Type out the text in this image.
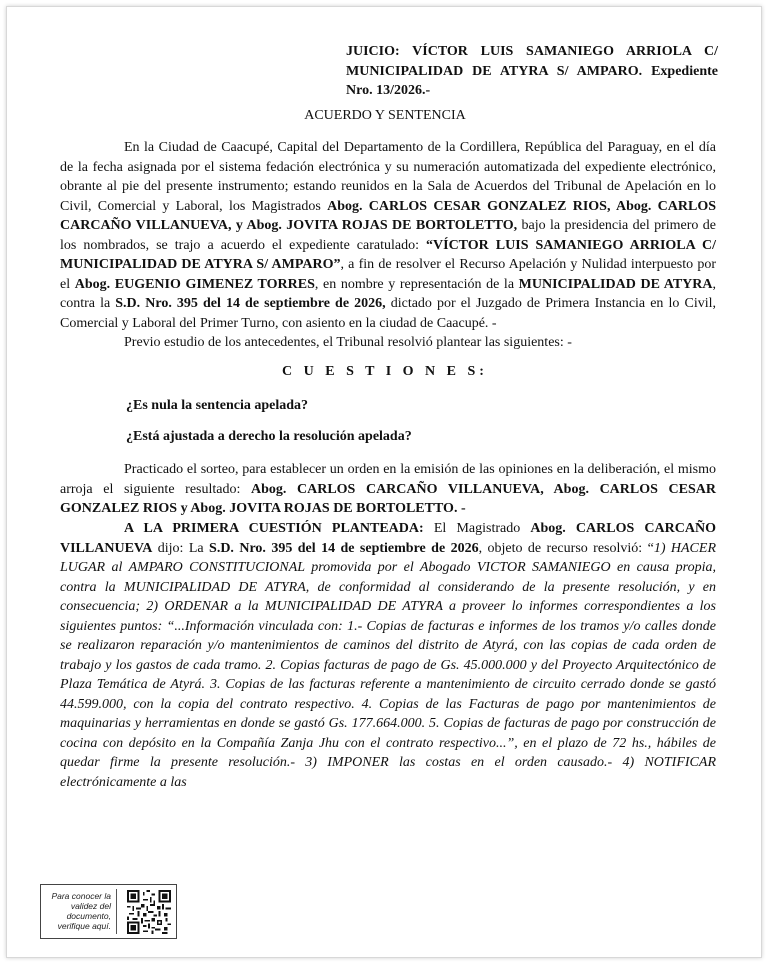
JUICIO: VÍCTOR LUIS SAMANIEGO ARRIOLA C/ MUNICIPALIDAD DE ATYRA S/ AMPARO. Expediente Nro. 13/2026.-
ACUERDO Y SENTENCIA
En la Ciudad de Caacupé, Capital del Departamento de la Cordillera, República del Paraguay, en el día de la fecha asignada por el sistema fedación electrónica y su numeración automatizada del expediente electrónico, obrante al pie del presente instrumento; estando reunidos en la Sala de Acuerdos del Tribunal de Apelación en lo Civil, Comercial y Laboral, los Magistrados Abog. CARLOS CESAR GONZALEZ RIOS, Abog. CARLOS CARCAÑO VILLANUEVA, y Abog. JOVITA ROJAS DE BORTOLETTO, bajo la presidencia del primero de los nombrados, se trajo a acuerdo el expediente caratulado: “VÍCTOR LUIS SAMANIEGO ARRIOLA C/ MUNICIPALIDAD DE ATYRA S/ AMPARO”, a fin de resolver el Recurso Apelación y Nulidad interpuesto por el Abog. EUGENIO GIMENEZ TORRES, en nombre y representación de la MUNICIPALIDAD DE ATYRA, contra la S.D. Nro. 395 del 14 de septiembre de 2026, dictado por el Juzgado de Primera Instancia en lo Civil, Comercial y Laboral del Primer Turno, con asiento en la ciudad de Caacupé. -
Previo estudio de los antecedentes, el Tribunal resolvió plantear las siguientes: -
C U E S T I O N E S:
¿Es nula la sentencia apelada?
¿Está ajustada a derecho la resolución apelada?
Practicado el sorteo, para establecer un orden en la emisión de las opiniones en la deliberación, el mismo arroja el siguiente resultado: Abog. CARLOS CARCAÑO VILLANUEVA, Abog. CARLOS CESAR GONZALEZ RIOS y Abog. JOVITA ROJAS DE BORTOLETTO. -
A LA PRIMERA CUESTIÓN PLANTEADA: El Magistrado Abog. CARLOS CARCAÑO VILLANUEVA dijo: La S.D. Nro. 395 del 14 de septiembre de 2026, objeto de recurso resolvió: “1) HACER LUGAR al AMPARO CONSTITUCIONAL promovida por el Abogado VICTOR SAMANIEGO en causa propia, contra la MUNICIPALIDAD DE ATYRA, de conformidad al considerando de la presente resolución, y en consecuencia; 2) ORDENAR a la MUNICIPALIDAD DE ATYRA a proveer lo informes correspondientes a los siguientes puntos: “...Información vinculada con: 1.- Copias de facturas e informes de los tramos y/o calles donde se realizaron reparación y/o mantenimientos de caminos del distrito de Atyrá, con las copias de cada orden de trabajo y los gastos de cada tramo. 2. Copias facturas de pago de Gs. 45.000.000 y del Proyecto Arquitectónico de Plaza Temática de Atyrá. 3. Copias de las facturas referente a mantenimiento de circuito cerrado donde se gastó 44.599.000, con la copia del contrato respectivo. 4. Copias de las Facturas de pago por mantenimientos de maquinarias y herramientas en donde se gastó Gs. 177.664.000. 5. Copias de facturas de pago por construcción de cocina con depósito en la Compañía Zanja Jhu con el contrato respectivo...”, en el plazo de 72 hs., hábiles de quedar firme la presente resolución.- 3) IMPONER las costas en el orden causado.- 4) NOTIFICAR electrónicamente a las
Para conocer la validez del documento, verifique aquí.
